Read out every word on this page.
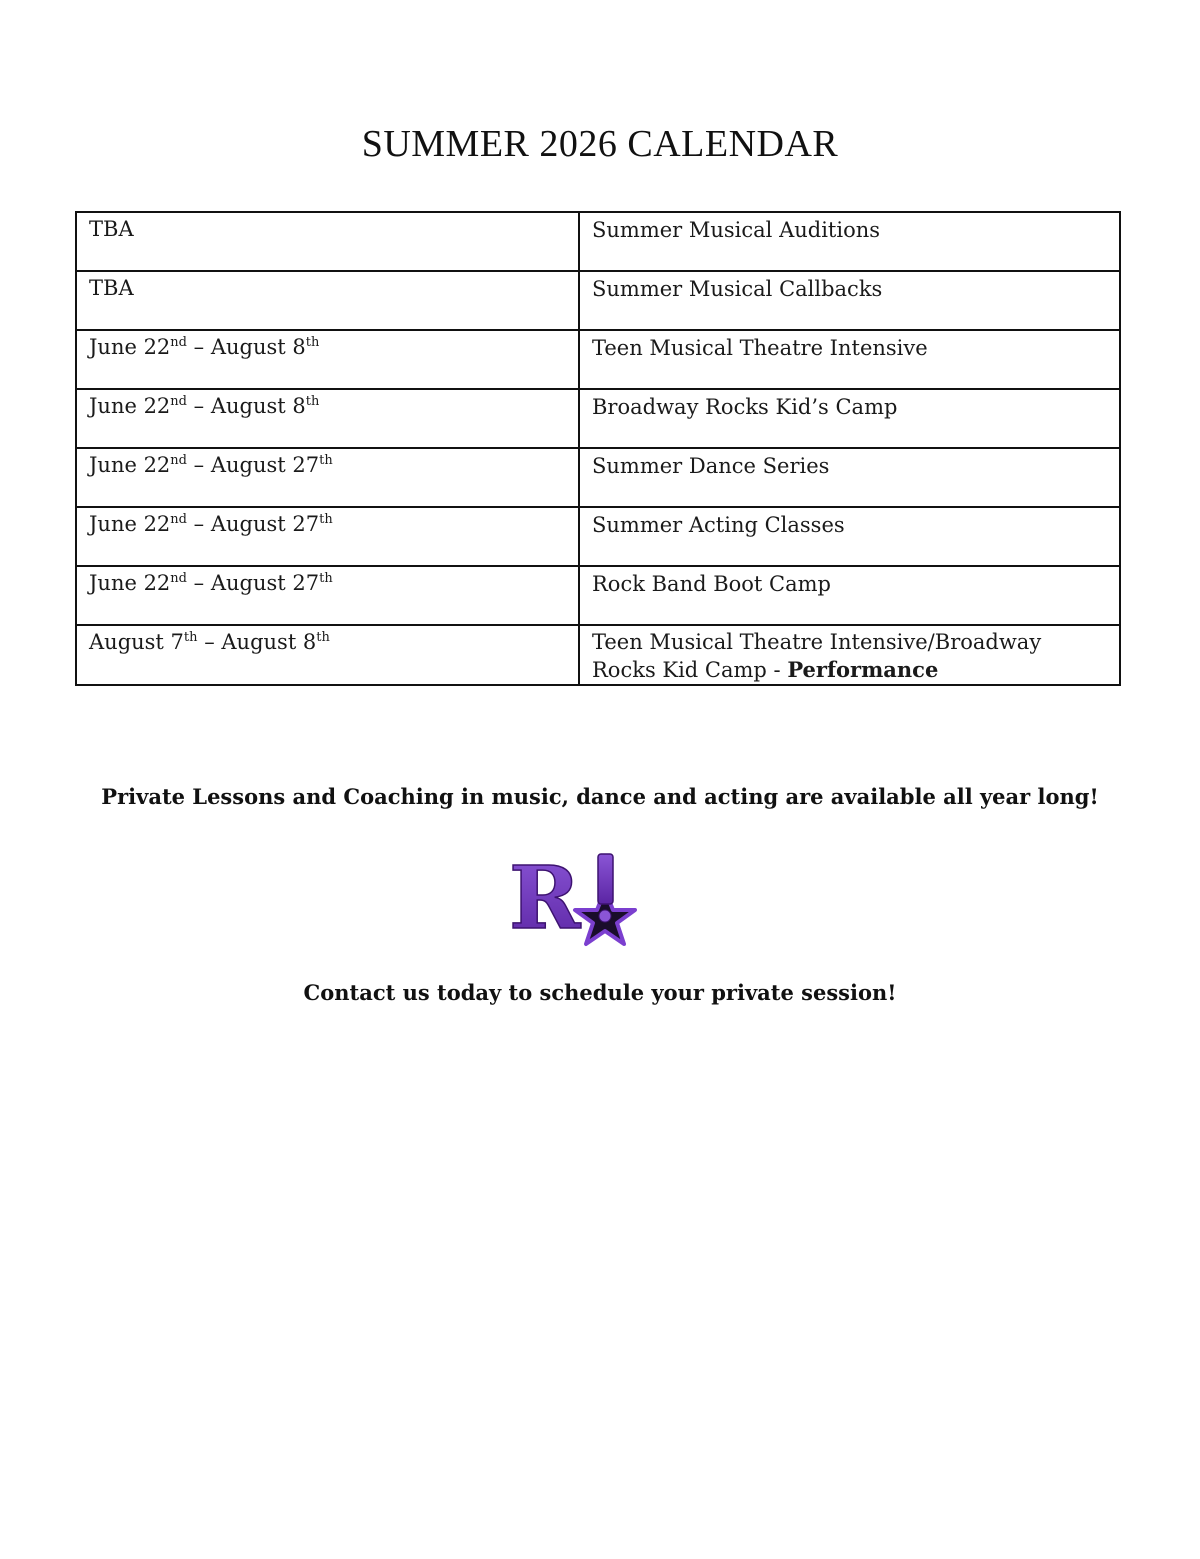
SUMMER 2026 CALENDAR
TBA	Summer Musical Auditions
TBA	Summer Musical Callbacks
June 22nd – August 8th	Teen Musical Theatre Intensive
June 22nd – August 8th	Broadway Rocks Kid’s Camp
June 22nd – August 27th	Summer Dance Series
June 22nd – August 27th	Summer Acting Classes
June 22nd – August 27th	Rock Band Boot Camp
August 7th – August 8th	Teen Musical Theatre Intensive/Broadway Rocks Kid Camp - Performance

Private Lessons and Coaching in music, dance and acting are available all year long!

R

Contact us today to schedule your private session!
